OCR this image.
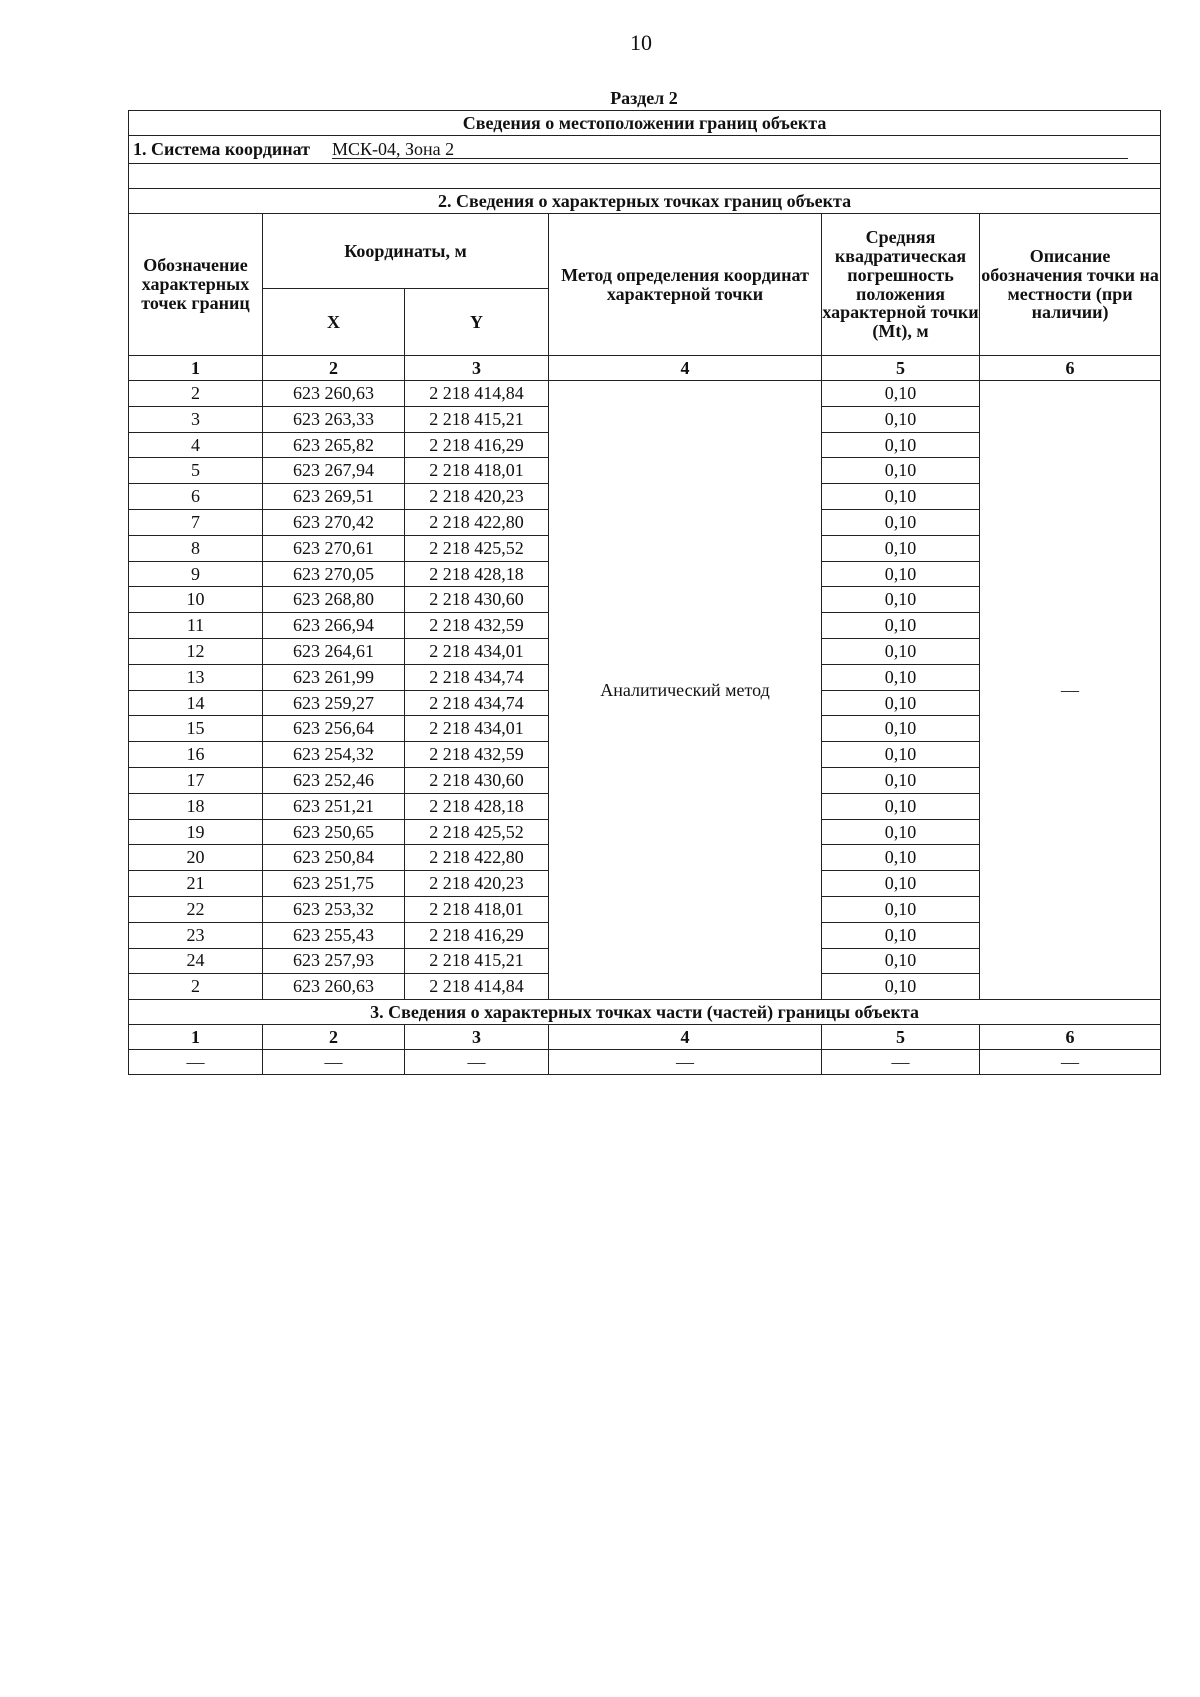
10
Раздел 2
Сведения о местоположении границ объекта					
1. Система координат МСК-04, Зона 2					

2. Сведения о характерных точках границ объекта					
Обозначение характерных точек границ	Координаты, м		Метод определения координат характерной точки	Средняя квадратическая погрешность положения характерной точки (Mt), м	Описание обозначения точки на местности (при наличии)
	X	Y			
1	2	3	4	5	6
2	623 260,63	2 218 414,84	Аналитический метод	0,10	—
3	623 263,33	2 218 415,21		0,10	
4	623 265,82	2 218 416,29		0,10	
5	623 267,94	2 218 418,01		0,10	
6	623 269,51	2 218 420,23		0,10	
7	623 270,42	2 218 422,80		0,10	
8	623 270,61	2 218 425,52		0,10	
9	623 270,05	2 218 428,18		0,10	
10	623 268,80	2 218 430,60		0,10	
11	623 266,94	2 218 432,59		0,10	
12	623 264,61	2 218 434,01		0,10	
13	623 261,99	2 218 434,74		0,10	
14	623 259,27	2 218 434,74		0,10	
15	623 256,64	2 218 434,01		0,10	
16	623 254,32	2 218 432,59		0,10	
17	623 252,46	2 218 430,60		0,10	
18	623 251,21	2 218 428,18		0,10	
19	623 250,65	2 218 425,52		0,10	
20	623 250,84	2 218 422,80		0,10	
21	623 251,75	2 218 420,23		0,10	
22	623 253,32	2 218 418,01		0,10	
23	623 255,43	2 218 416,29		0,10	
24	623 257,93	2 218 415,21		0,10	
2	623 260,63	2 218 414,84		0,10	
3. Сведения о характерных точках части (частей) границы объекта					
1	2	3	4	5	6
—	—	—	—	—	—
